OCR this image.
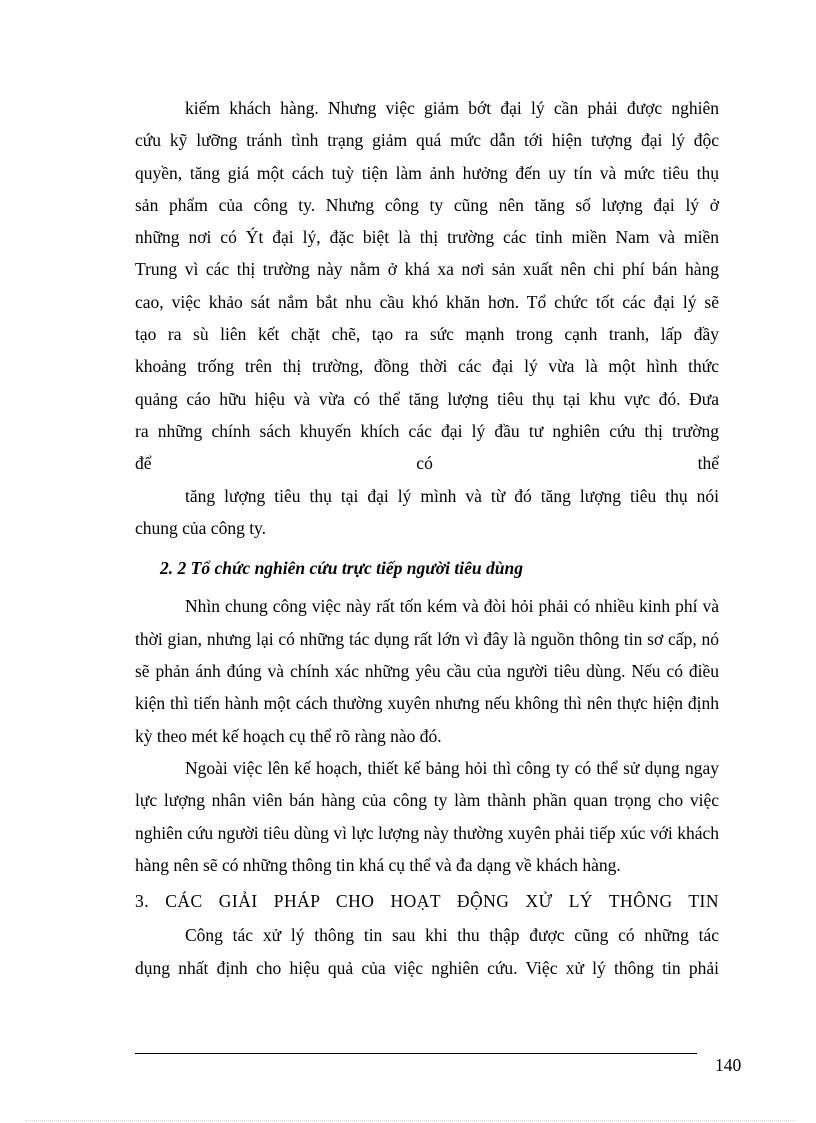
kiếm khách hàng. Nhưng việc giảm bớt đại lý cần phải được nghiên

cứu kỹ lưỡng tránh tình trạng giảm quá mức dẫn tới hiện tượng đại lý độc

quyền, tăng giá một cách tuỳ tiện làm ảnh hưởng đến uy tín và mức tiêu thụ

sản phẩm của công ty. Nhưng công ty cũng nên tăng số lượng đại lý ở

những nơi có Ýt đại lý, đặc biệt là thị trường các tỉnh miền Nam và miền

Trung vì các thị trường này nằm ở khá xa nơi sản xuất nên chi phí bán hàng

cao, việc khảo sát nắm bắt nhu cầu khó khăn hơn. Tổ chức tốt các đại lý sẽ

tạo ra sù liên kết chặt chẽ, tạo ra sức mạnh trong cạnh tranh, lấp đầy

khoảng trống trên thị trường, đồng thời các đại lý vừa là một hình thức

quảng cáo hữu hiệu và vừa có thể tăng lượng tiêu thụ tại khu vực đó. Đưa

ra những chính sách khuyến khích các đại lý đầu tư nghiên cứu thị trường

để có thể

tăng lượng tiêu thụ tại đại lý mình và từ đó tăng lượng tiêu thụ nói

chung của công ty.

2. 2 Tổ chức nghiên cứu trực tiếp người tiêu dùng

Nhìn chung công việc này rất tốn kém và đòi hỏi phải có nhiều kinh phí và thời gian, nhưng lại có những tác dụng rất lớn vì đây là nguồn thông tin sơ cấp, nó sẽ phản ánh đúng và chính xác những yêu cầu của người tiêu dùng. Nếu có điều kiện thì tiến hành một cách thường xuyên nhưng nếu không thì nên thực hiện định kỳ theo mét kế hoạch cụ thể rõ ràng nào đó.

Ngoài việc lên kế hoạch, thiết kế bảng hỏi thì công ty có thể sử dụng ngay lực lượng nhân viên bán hàng của công ty làm thành phần quan trọng cho việc nghiên cứu người tiêu dùng vì lực lượng này thường xuyên phải tiếp xúc với khách hàng nên sẽ có những thông tin khá cụ thể và đa dạng về khách hàng.

3. CÁC GIẢI PHÁP CHO HOẠT ĐỘNG XỬ LÝ THÔNG TIN

Công tác xử lý thông tin sau khi thu thập được cũng có những tác

dụng nhất định cho hiệu quả của việc nghiên cứu. Việc xử lý thông tin phải

140
